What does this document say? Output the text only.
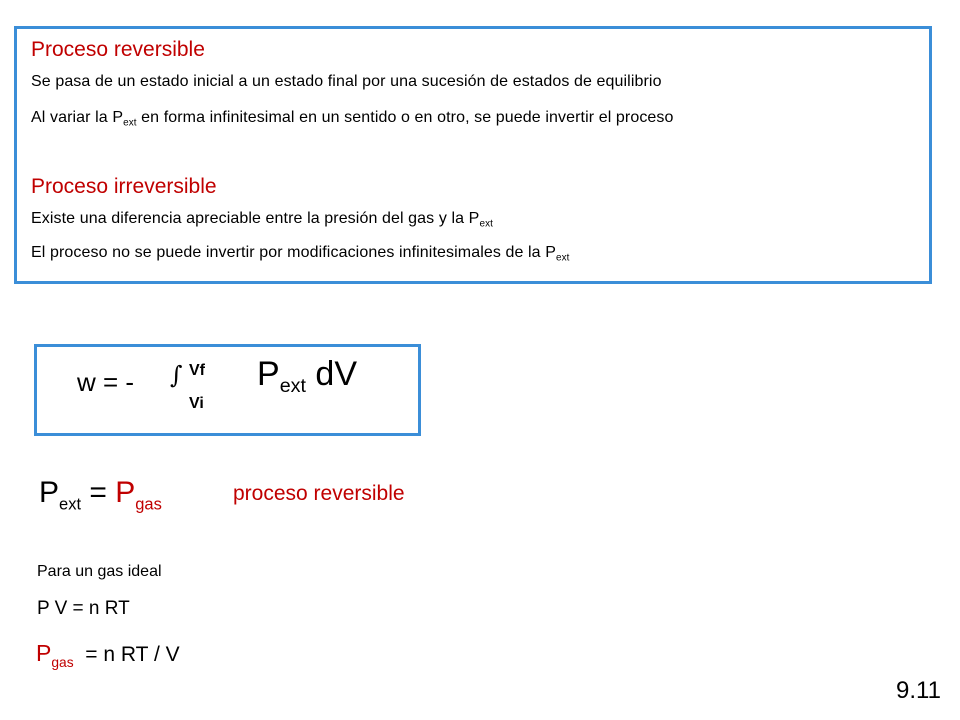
Proceso reversible
Se pasa de un estado inicial a un estado final por una sucesión de estados de equilibrio
Al variar la $P_{ext}$ en forma infinitesimal en un sentido o en otro, se puede invertir el proceso
Proceso irreversible
Existe una diferencia apreciable entre la presión del gas y la $P_{ext}$
El proceso no se puede invertir por modificaciones infinitesimales de la $P_{ext}$
w = - ∫ Vf
Vi
$P_{ext}$ dV
$P_{ext} = P_{gas}$	proceso reversible
Para un gas ideal
P V = n RT
$P_{gas} = n$ RT / V
9.11
